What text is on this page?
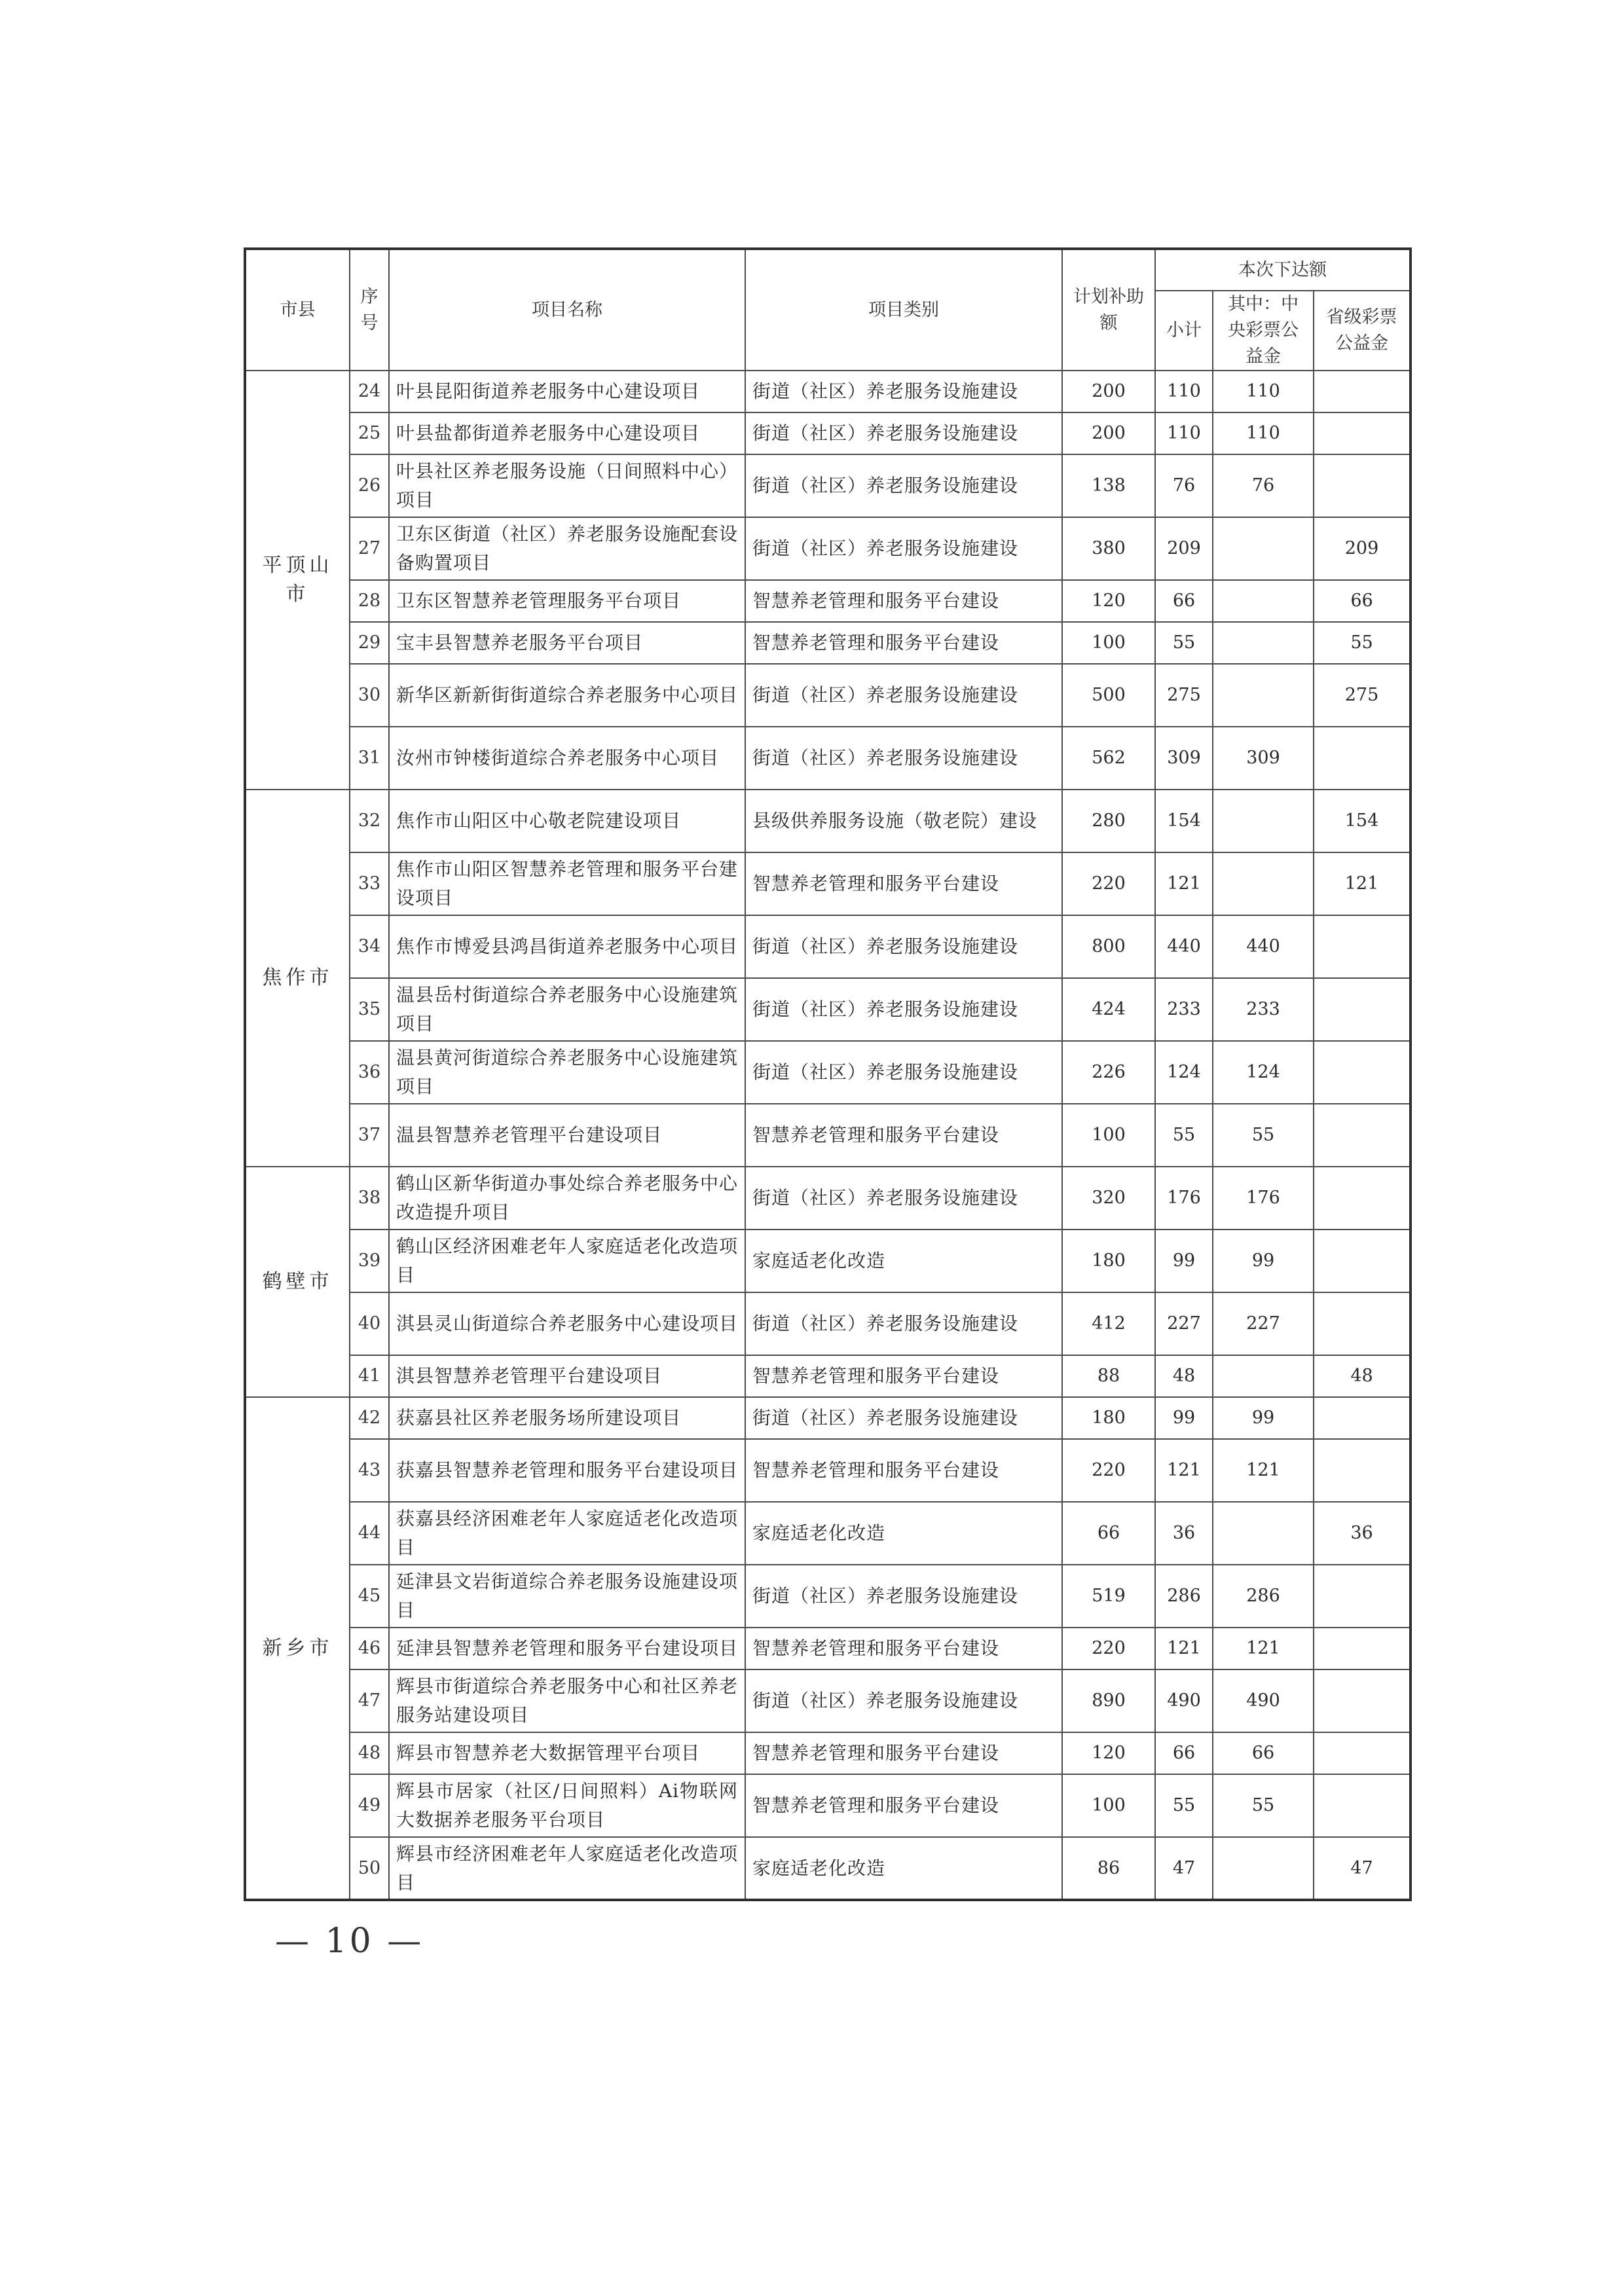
市县	序号	项目名称	项目类别	计划补助额	本次下达额		
					小计	其中：中央彩票公益金	省级彩票公益金
平顶山市	24	叶县昆阳街道养老服务中心建设项目	街道（社区）养老服务设施建设	200	110	110	
	25	叶县盐都街道养老服务中心建设项目	街道（社区）养老服务设施建设	200	110	110	
	26	叶县社区养老服务设施（日间照料中心）项目	街道（社区）养老服务设施建设	138	76	76	
	27	卫东区街道（社区）养老服务设施配套设备购置项目	街道（社区）养老服务设施建设	380	209		209
	28	卫东区智慧养老管理服务平台项目	智慧养老管理和服务平台建设	120	66		66
	29	宝丰县智慧养老服务平台项目	智慧养老管理和服务平台建设	100	55		55
	30	新华区新新街街道综合养老服务中心项目	街道（社区）养老服务设施建设	500	275		275
	31	汝州市钟楼街道综合养老服务中心项目	街道（社区）养老服务设施建设	562	309	309	
焦作市	32	焦作市山阳区中心敬老院建设项目	县级供养服务设施（敬老院）建设	280	154		154
	33	焦作市山阳区智慧养老管理和服务平台建设项目	智慧养老管理和服务平台建设	220	121		121
	34	焦作市博爱县鸿昌街道养老服务中心项目	街道（社区）养老服务设施建设	800	440	440	
	35	温县岳村街道综合养老服务中心设施建筑项目	街道（社区）养老服务设施建设	424	233	233	
	36	温县黄河街道综合养老服务中心设施建筑项目	街道（社区）养老服务设施建设	226	124	124	
	37	温县智慧养老管理平台建设项目	智慧养老管理和服务平台建设	100	55	55	
鹤壁市	38	鹤山区新华街道办事处综合养老服务中心改造提升项目	街道（社区）养老服务设施建设	320	176	176	
	39	鹤山区经济困难老年人家庭适老化改造项目	家庭适老化改造	180	99	99	
	40	淇县灵山街道综合养老服务中心建设项目	街道（社区）养老服务设施建设	412	227	227	
	41	淇县智慧养老管理平台建设项目	智慧养老管理和服务平台建设	88	48		48
新乡市	42	获嘉县社区养老服务场所建设项目	街道（社区）养老服务设施建设	180	99	99	
	43	获嘉县智慧养老管理和服务平台建设项目	智慧养老管理和服务平台建设	220	121	121	
	44	获嘉县经济困难老年人家庭适老化改造项目	家庭适老化改造	66	36		36
	45	延津县文岩街道综合养老服务设施建设项目	街道（社区）养老服务设施建设	519	286	286	
	46	延津县智慧养老管理和服务平台建设项目	智慧养老管理和服务平台建设	220	121	121	
	47	辉县市街道综合养老服务中心和社区养老服务站建设项目	街道（社区）养老服务设施建设	890	490	490	
	48	辉县市智慧养老大数据管理平台项目	智慧养老管理和服务平台建设	120	66	66	
	49	辉县市居家（社区/日间照料）Ai物联网大数据养老服务平台项目	智慧养老管理和服务平台建设	100	55	55	
	50	辉县市经济困难老年人家庭适老化改造项目	家庭适老化改造	86	47		47
— 10 —
